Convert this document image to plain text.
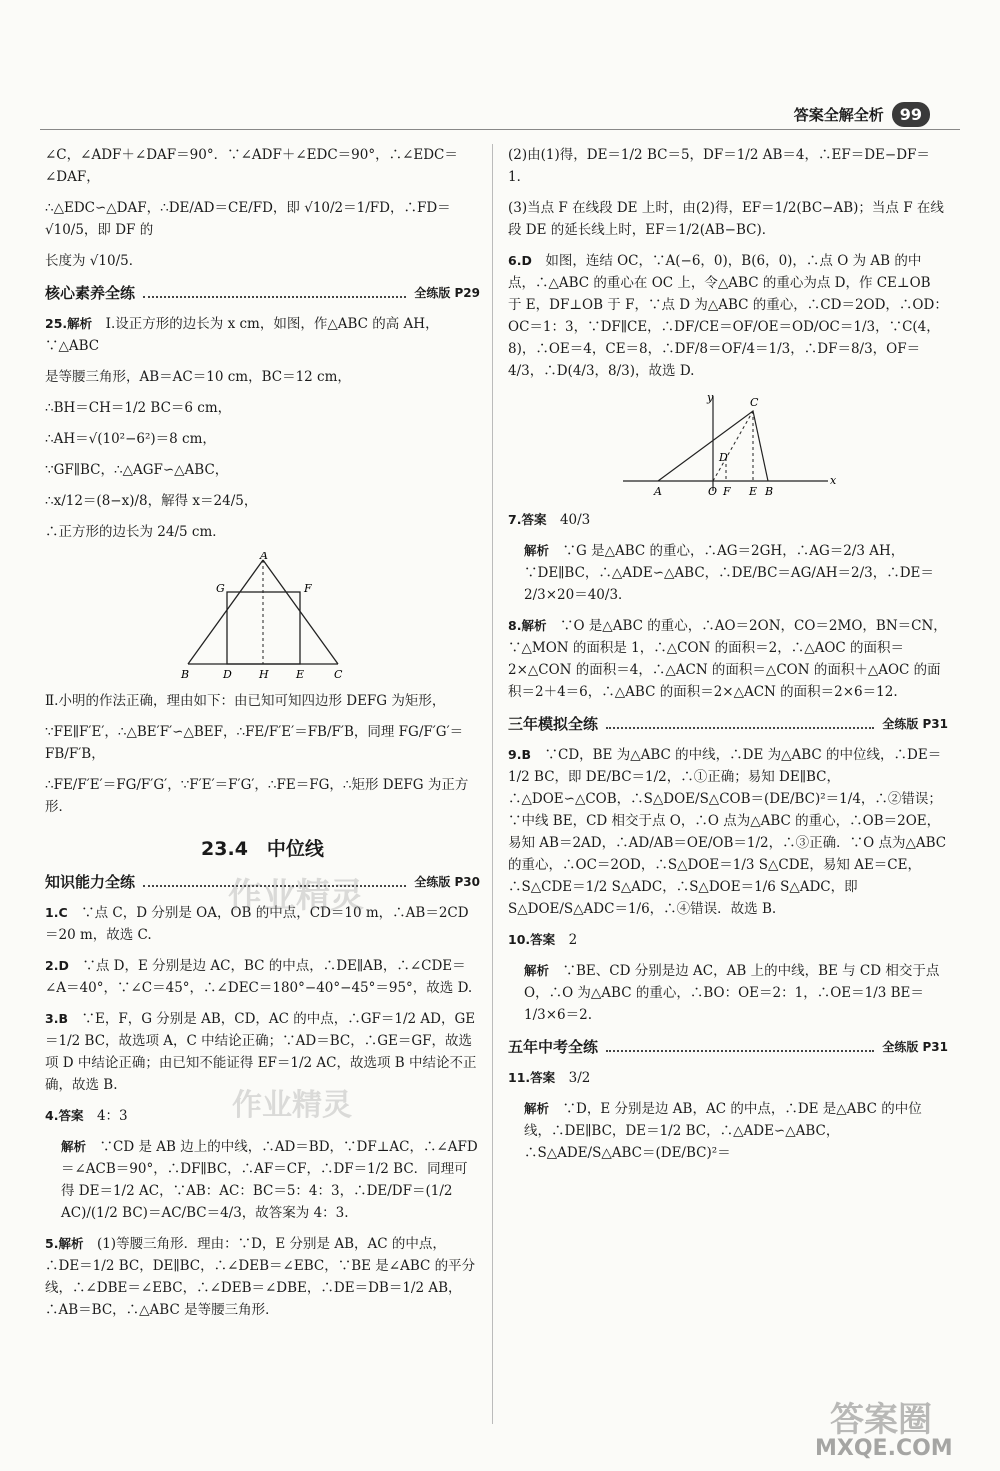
答案全解全析	99

∠C，∠ADF＋∠DAF＝90°．∵∠ADF＋∠EDC＝90°，∴∠EDC＝∠DAF，

∴△EDC∽△DAF，∴DE/AD＝CE/FD，即 √10/2＝1/FD，∴FD＝√10/5，即 DF 的

长度为 √10/5．

核心素养全练	全练版 P29

25.解析　 Ⅰ.设正方形的边长为 x cm，如图，作△ABC 的高 AH，∵△ABC

是等腰三角形，AB＝AC＝10 cm，BC＝12 cm，

∴BH＝CH＝1/2 BC＝6 cm，

∴AH＝√(10²−6²)＝8 cm，

∵GF∥BC，∴△AGF∽△ABC，

∴x/12＝(8−x)/8，解得 x＝24/5，

∴正方形的边长为 24/5 cm．

A
G	F
B	D H E	C

Ⅱ.小明的作法正确，理由如下：由已知可知四边形 DEFG 为矩形，

∵FE∥F′E′，∴△BE′F′∽△BEF，∴FE/F′E′＝FB/F′B，同理 FG/F′G′＝FB/F′B，

∴FE/F′E′＝FG/F′G′，∵F′E′＝F′G′，∴FE＝FG，∴矩形 DEFG 为正方形．

23.4　中位线
知识能力全练	全练版 P30

1.C　 ∵点 C，D 分别是 OA，OB 的中点，CD＝10 m，∴AB＝2CD＝20 m，故选 C.

2.D　 ∵点 D，E 分别是边 AC，BC 的中点，∴DE∥AB，∴∠CDE＝∠A＝40°，∵∠C＝45°，∴∠DEC＝180°−40°−45°＝95°，故选 D.

3.B　 ∵E，F，G 分别是 AB，CD，AC 的中点，∴GF＝1/2 AD，GE＝1/2 BC，故选项 A，C 中结论正确；∵AD＝BC，∴GE＝GF，故选项 D 中结论正确；由已知不能证得 EF＝1/2 AC，故选项 B 中结论不正确，故选 B.

4.答案　 4：3

解析　 ∵CD 是 AB 边上的中线，∴AD＝BD，∵DF⊥AC，∴∠AFD＝∠ACB＝90°，∴DF∥BC，∴AF＝CF，∴DF＝1/2 BC．同理可得 DE＝1/2 AC，∵AB：AC：BC＝5：4：3，∴DE/DF＝(1/2 AC)/(1/2 BC)＝AC/BC＝4/3，故答案为 4：3.

5.解析　 (1)等腰三角形．理由：∵D，E 分别是 AB，AC 的中点，∴DE＝1/2 BC，DE∥BC，∴∠DEB＝∠EBC，∵BE 是∠ABC 的平分线，∴∠DBE＝∠EBC，∴∠DEB＝∠DBE，∴DE＝DB＝1/2 AB，∴AB＝BC，∴△ABC 是等腰三角形．

(2)由(1)得，DE＝1/2 BC＝5，DF＝1/2 AB＝4，∴EF＝DE−DF＝1．

(3)当点 F 在线段 DE 上时，由(2)得，EF＝1/2(BC−AB)；当点 F 在线段 DE 的延长线上时，EF＝1/2(AB−BC)．

6.D　 如图，连结 OC，∵A(−6，0)，B(6，0)，∴点 O 为 AB 的中点，∴△ABC 的重心在 OC 上，令△ABC 的重心为点 D，作 CE⊥OB 于 E，DF⊥OB 于 F，∵点 D 为△ABC 的重心，∴CD＝2OD，∴OD：OC＝1：3，∵DF∥CE，∴DF/CE＝OF/OE＝OD/OC＝1/3，∵C(4，8)，∴OE＝4，CE＝8，∴DF/8＝OF/4＝1/3，∴DF＝8/3，OF＝4/3，∴D(4/3，8/3)，故选 D.

y
x
C
D
A	O F E B

7.答案　 40/3

解析　 ∵G 是△ABC 的重心，∴AG＝2GH，∴AG＝2/3 AH，∵DE∥BC，∴△ADE∽△ABC，∴DE/BC＝AG/AH＝2/3，∴DE＝2/3×20＝40/3．

8.解析　 ∵O 是△ABC 的重心，∴AO＝2ON，CO＝2MO，BN＝CN，∵△MON 的面积是 1，∴△CON 的面积＝2，∴△AOC 的面积＝2×△CON 的面积＝4，∴△ACN 的面积＝△CON 的面积＋△AOC 的面积＝2＋4＝6，∴△ABC 的面积＝2×△ACN 的面积＝2×6＝12.

三年模拟全练	全练版 P31

9.B　 ∵CD，BE 为△ABC 的中线，∴DE 为△ABC 的中位线，∴DE＝1/2 BC，即 DE/BC＝1/2，∴①正确；易知 DE∥BC，∴△DOE∽△COB，∴S△DOE/S△COB＝(DE/BC)²＝1/4，∴②错误；∵中线 BE，CD 相交于点 O，∴O 点为△ABC 的重心，∴OB＝2OE，易知 AB＝2AD，∴AD/AB＝OE/OB＝1/2，∴③正确．∵O 点为△ABC 的重心，∴OC＝2OD，∴S△DOE＝1/3 S△CDE，易知 AE＝CE，∴S△CDE＝1/2 S△ADC，∴S△DOE＝1/6 S△ADC，即 S△DOE/S△ADC＝1/6，∴④错误．故选 B.

10.答案　 2

解析　 ∵BE、CD 分别是边 AC，AB 上的中线，BE 与 CD 相交于点 O，∴O 为△ABC 的重心，∴BO：OE＝2：1，∴OE＝1/3 BE＝1/3×6＝2.

五年中考全练	全练版 P31

11.答案　 3/2

解析　 ∵D，E 分别是边 AB，AC 的中点，∴DE 是△ABC 的中位线，∴DE∥BC，DE＝1/2 BC，∴△ADE∽△ABC，∴S△ADE/S△ABC＝(DE/BC)²＝

作业精灵
作业精灵
答案圈
MXQE.COM
